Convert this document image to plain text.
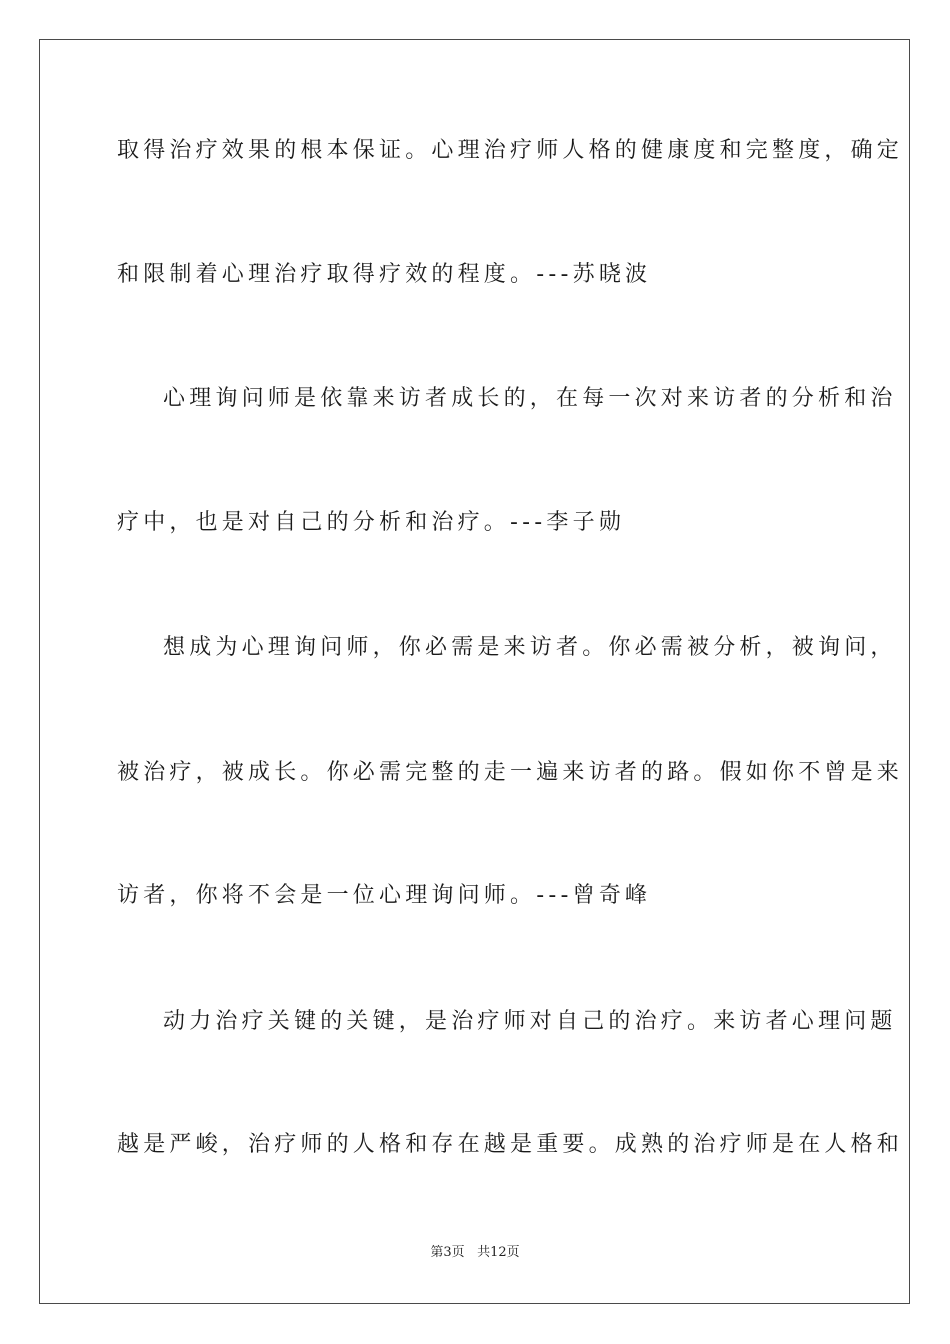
取得治疗效果的根本保证。心理治疗师人格的健康度和完整度，确定
和限制着心理治疗取得疗效的程度。---苏晓波
心理询问师是依靠来访者成长的，在每一次对来访者的分析和治
疗中，也是对自己的分析和治疗。---李子勋
想成为心理询问师，你必需是来访者。你必需被分析，被询问，
被治疗，被成长。你必需完整的走一遍来访者的路。假如你不曾是来
访者，你将不会是一位心理询问师。---曾奇峰
动力治疗关键的关键，是治疗师对自己的治疗。来访者心理问题
越是严峻，治疗师的人格和存在越是重要。成熟的治疗师是在人格和
第3页 共12页
